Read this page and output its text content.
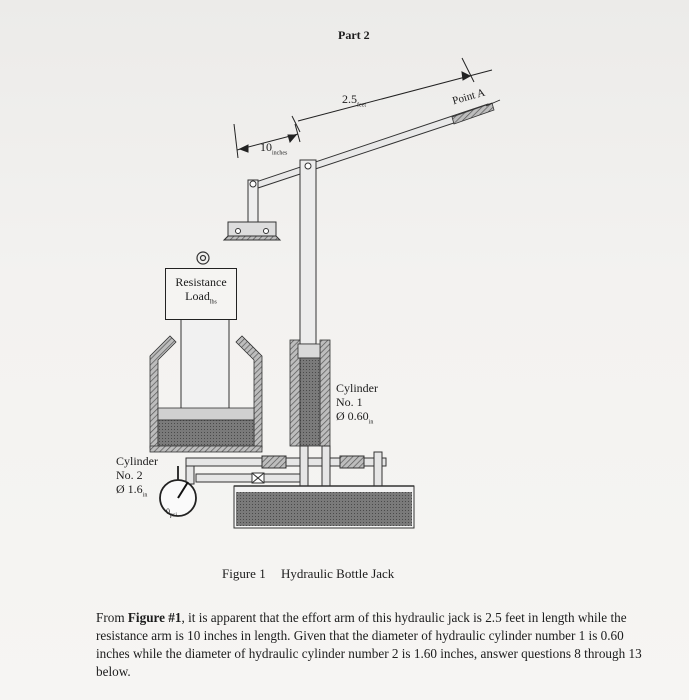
Part 2
$2.5_{feet}$
$10_{inches}$
Point A
Resistance
Load$_{lbs}$
Cylinder
No. 1
Ø $0.60_{in}$
Cylinder
No. 2
Ø $1.6_{in}$
$0_{psi}$
Figure 1 Hydraulic Bottle Jack
From Figure #1, it is apparent that the effort arm of this hydraulic jack is 2.5 feet in length while the resistance arm is 10 inches in length. Given that the diameter of hydraulic cylinder number 1 is 0.60 inches while the diameter of hydraulic cylinder number 2 is 1.60 inches, answer questions 8 through 13 below.
